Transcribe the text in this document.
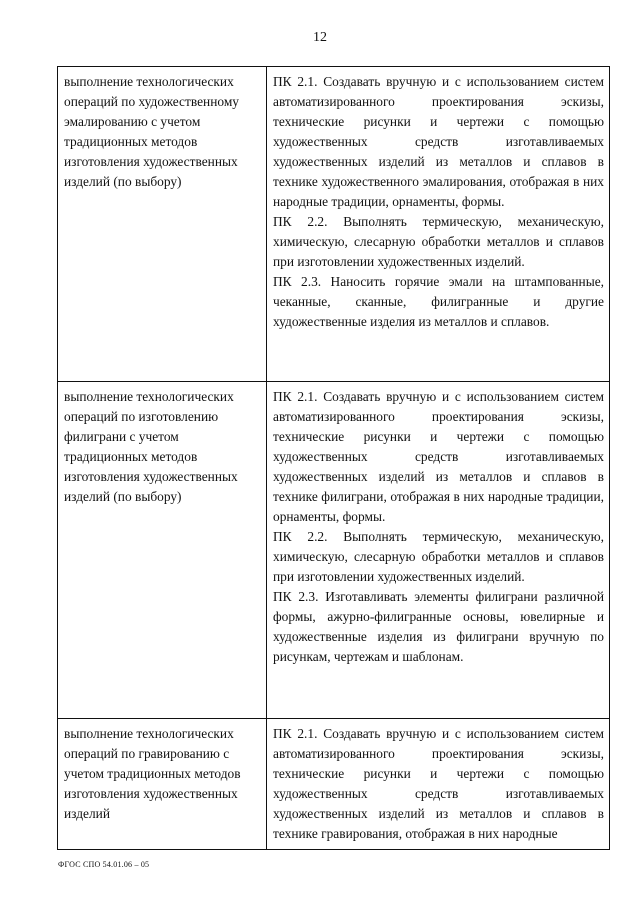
12

выполнение технологических операций по художественному эмалированию с учетом традиционных методов изготовления художественных изделий (по выбору)	ПК 2.1. Создавать вручную и с использованием систем автоматизированного проектирования эскизы, технические рисунки и чертежи с помощью художественных средств изготавливаемых художественных изделий из металлов и сплавов в технике художественного эмалирования, отображая в них народные традиции, орнаменты, формы.

ПК 2.2. Выполнять термическую, механическую, химическую, слесарную обработки металлов и сплавов при изготовлении художественных изделий.

ПК 2.3. Наносить горячие эмали на штампованные, чеканные, сканные, филигранные и другие художественные изделия из металлов и сплавов.

выполнение технологических операций по изготовлению филиграни с учетом традиционных методов изготовления художественных изделий (по выбору)	ПК 2.1. Создавать вручную и с использованием систем автоматизированного проектирования эскизы, технические рисунки и чертежи с помощью художественных средств изготавливаемых художественных изделий из металлов и сплавов в технике филиграни, отображая в них народные традиции, орнаменты, формы.

ПК 2.2. Выполнять термическую, механическую, химическую, слесарную обработки металлов и сплавов при изготовлении художественных изделий.

ПК 2.3. Изготавливать элементы филиграни различной формы, ажурно-филигранные основы, ювелирные и художественные изделия из филиграни вручную по рисункам, чертежам и шаблонам.

выполнение технологических операций по гравированию с учетом традиционных методов изготовления художественных изделий	ПК 2.1. Создавать вручную и с использованием систем автоматизированного проектирования эскизы, технические рисунки и чертежи с помощью художественных средств изготавливаемых художественных изделий из металлов и сплавов в технике гравирования, отображая в них народные

ФГОС СПО 54.01.06 – 05
